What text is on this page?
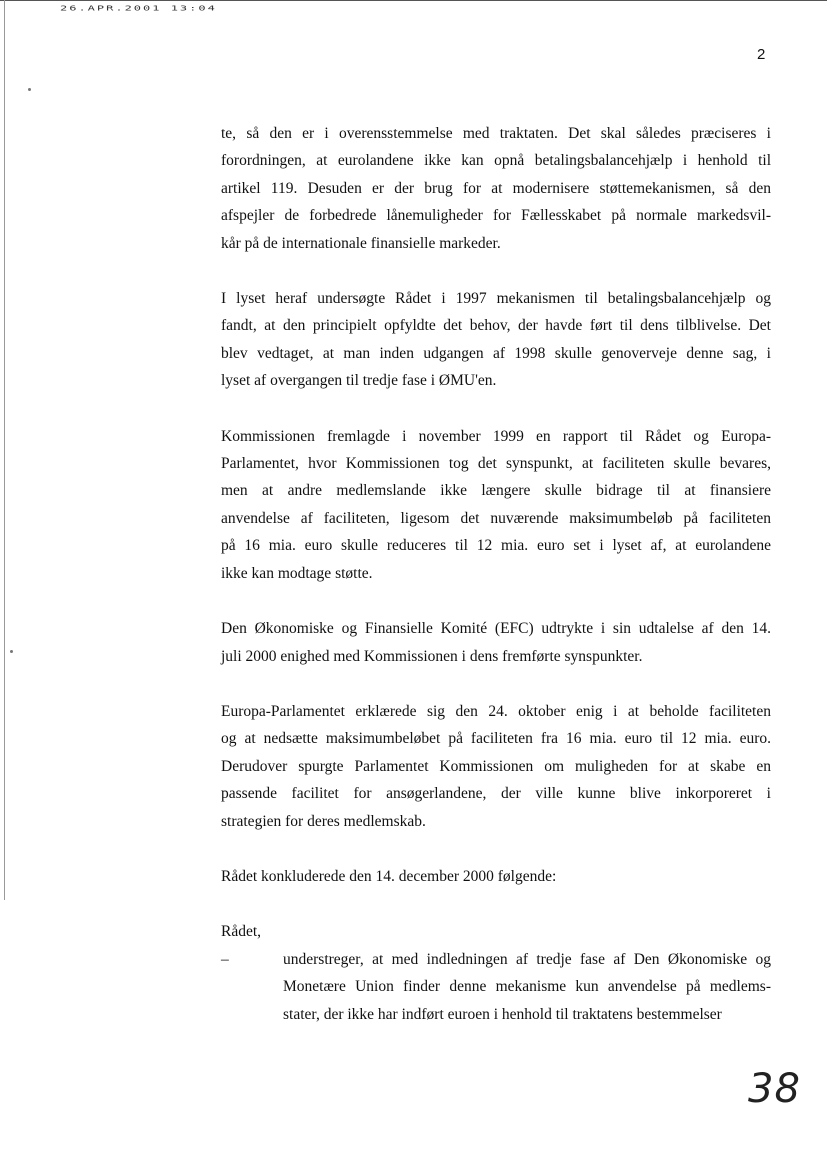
26.APR.2001 13:04
2

te, så den er i overensstemmelse med traktaten. Det skal således præciseres i
forordningen, at eurolandene ikke kan opnå betalingsbalancehjælp i henhold til
artikel 119. Desuden er der brug for at modernisere støttemekanismen, så den
afspejler de forbedrede lånemuligheder for Fællesskabet på normale markedsvil-
kår på de internationale finansielle markeder.

I lyset heraf undersøgte Rådet i 1997 mekanismen til betalingsbalancehjælp og
fandt, at den principielt opfyldte det behov, der havde ført til dens tilblivelse. Det
blev vedtaget, at man inden udgangen af 1998 skulle genoverveje denne sag, i
lyset af overgangen til tredje fase i ØMU'en.

Kommissionen fremlagde i november 1999 en rapport til Rådet og Europa-
Parlamentet, hvor Kommissionen tog det synspunkt, at faciliteten skulle bevares,
men at andre medlemslande ikke længere skulle bidrage til at finansiere
anvendelse af faciliteten, ligesom det nuværende maksimumbeløb på faciliteten
på 16 mia. euro skulle reduceres til 12 mia. euro set i lyset af, at eurolandene
ikke kan modtage støtte.

Den Økonomiske og Finansielle Komité (EFC) udtrykte i sin udtalelse af den 14.
juli 2000 enighed med Kommissionen i dens fremførte synspunkter.

Europa-Parlamentet erklærede sig den 24. oktober enig i at beholde faciliteten
og at nedsætte maksimumbeløbet på faciliteten fra 16 mia. euro til 12 mia. euro.
Derudover spurgte Parlamentet Kommissionen om muligheden for at skabe en
passende facilitet for ansøgerlandene, der ville kunne blive inkorporeret i
strategien for deres medlemskab.

Rådet konkluderede den 14. december 2000 følgende:

Rådet,

–	understreger, at med indledningen af tredje fase af Den Økonomiske og
Monetære Union finder denne mekanisme kun anvendelse på medlems-
stater, der ikke har indført euroen i henhold til traktatens bestemmelser
38
